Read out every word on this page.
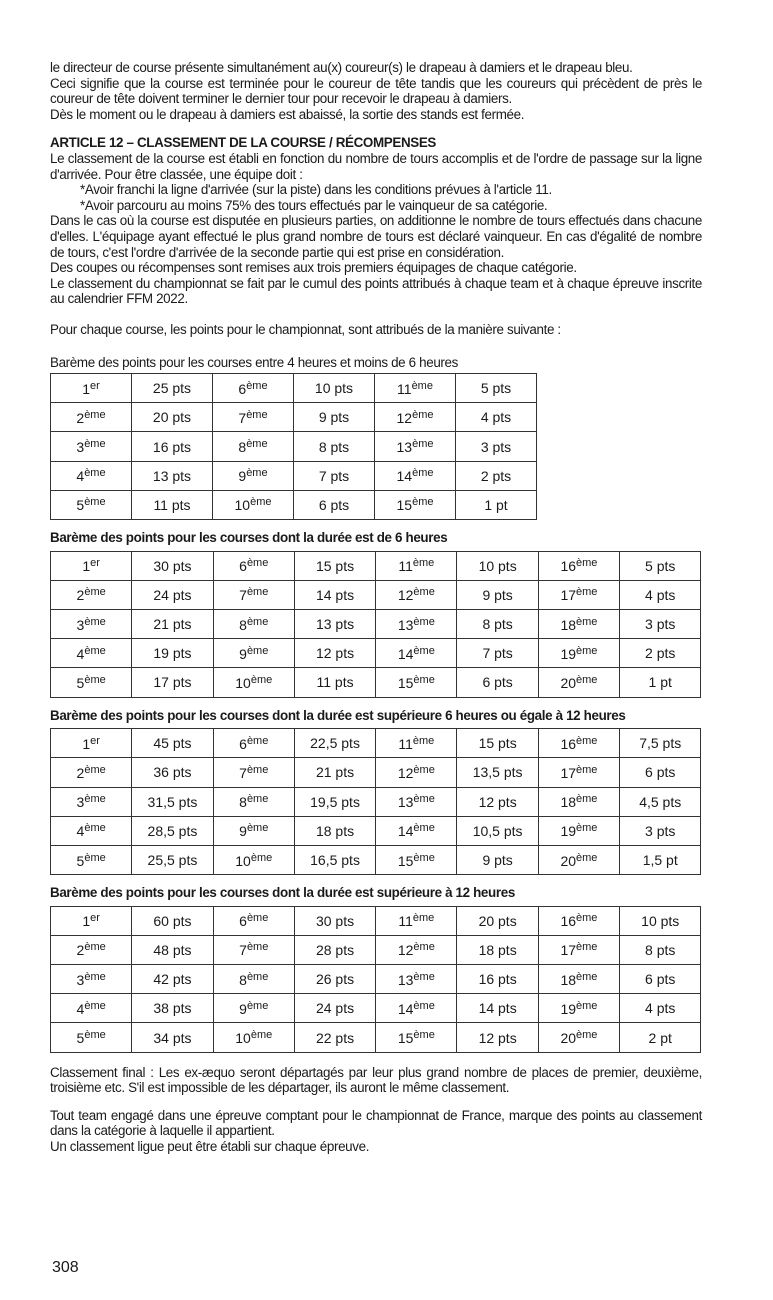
le directeur de course présente simultanément au(x) coureur(s) le drapeau à damiers et le drapeau bleu.

Ceci signifie que la course est terminée pour le coureur de tête tandis que les coureurs qui précèdent de près le coureur de tête doivent terminer le dernier tour pour recevoir le drapeau à damiers.

Dès le moment ou le drapeau à damiers est abaissé, la sortie des stands est fermée.

ARTICLE 12 – CLASSEMENT DE LA COURSE / RÉCOMPENSES

Le classement de la course est établi en fonction du nombre de tours accomplis et de l'ordre de passage sur la ligne d'arrivée. Pour être classée, une équipe doit :

*Avoir franchi la ligne d'arrivée (sur la piste) dans les conditions prévues à l'article 11.

*Avoir parcouru au moins 75% des tours effectués par le vainqueur de sa catégorie.

Dans le cas où la course est disputée en plusieurs parties, on additionne le nombre de tours effectués dans chacune d'elles. L'équipage ayant effectué le plus grand nombre de tours est déclaré vainqueur. En cas d'égalité de nombre de tours, c'est l'ordre d'arrivée de la seconde partie qui est prise en considération.

Des coupes ou récompenses sont remises aux trois premiers équipages de chaque catégorie.

Le classement du championnat se fait par le cumul des points attribués à chaque team et à chaque épreuve inscrite au calendrier FFM 2022.

Pour chaque course, les points pour le championnat, sont attribués de la manière suivante :

Barème des points pour les courses entre 4 heures et moins de 6 heures
1er	25 pts	6ème	10 pts	11ème	5 pts
2ème	20 pts	7ème	9 pts	12ème	4 pts
3ème	16 pts	8ème	8 pts	13ème	3 pts
4ème	13 pts	9ème	7 pts	14ème	2 pts
5ème	11 pts	10ème	6 pts	15ème	1 pt
Barème des points pour les courses dont la durée est de 6 heures
1er	30 pts	6ème	15 pts	11ème	10 pts	16ème	5 pts
2ème	24 pts	7ème	14 pts	12ème	9 pts	17ème	4 pts
3ème	21 pts	8ème	13 pts	13ème	8 pts	18ème	3 pts
4ème	19 pts	9ème	12 pts	14ème	7 pts	19ème	2 pts
5ème	17 pts	10ème	11 pts	15ème	6 pts	20ème	1 pt
Barème des points pour les courses dont la durée est supérieure 6 heures ou égale à 12 heures
1er	45 pts	6ème	22,5 pts	11ème	15 pts	16ème	7,5 pts
2ème	36 pts	7ème	21 pts	12ème	13,5 pts	17ème	6 pts
3ème	31,5 pts	8ème	19,5 pts	13ème	12 pts	18ème	4,5 pts
4ème	28,5 pts	9ème	18 pts	14ème	10,5 pts	19ème	3 pts
5ème	25,5 pts	10ème	16,5 pts	15ème	9 pts	20ème	1,5 pt
Barème des points pour les courses dont la durée est supérieure à 12 heures
1er	60 pts	6ème	30 pts	11ème	20 pts	16ème	10 pts
2ème	48 pts	7ème	28 pts	12ème	18 pts	17ème	8 pts
3ème	42 pts	8ème	26 pts	13ème	16 pts	18ème	6 pts
4ème	38 pts	9ème	24 pts	14ème	14 pts	19ème	4 pts
5ème	34 pts	10ème	22 pts	15ème	12 pts	20ème	2 pt

Classement final : Les ex-æquo seront départagés par leur plus grand nombre de places de premier, deuxième, troisième etc. S'il est impossible de les départager, ils auront le même classement.

Tout team engagé dans une épreuve comptant pour le championnat de France, marque des points au classement dans la catégorie à laquelle il appartient.

Un classement ligue peut être établi sur chaque épreuve.

308
